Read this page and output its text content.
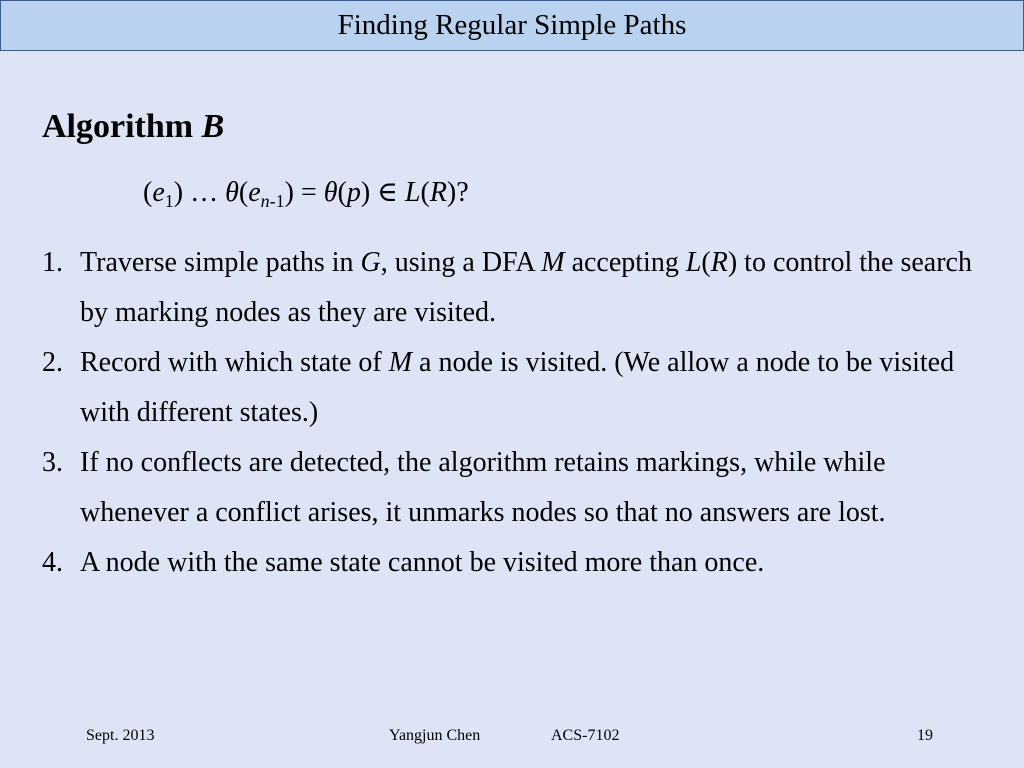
Finding Regular Simple Paths
Algorithm B
$(e_1)$ … $\theta(e_{n-1}) = \theta(p)$ ∈ L(R)?
1. Traverse simple paths in G, using a DFA M accepting L(R) to control the search by marking nodes as they are visited.
2. Record with which state of M a node is visited. (We allow a node to be visited with different states.)
3. If no conflects are detected, the algorithm retains markings, while while whenever a conflict arises, it unmarks nodes so that no answers are lost.
4. A node with the same state cannot be visited more than once.
Sept. 2013	Yangjun Chen	ACS-7102	19
